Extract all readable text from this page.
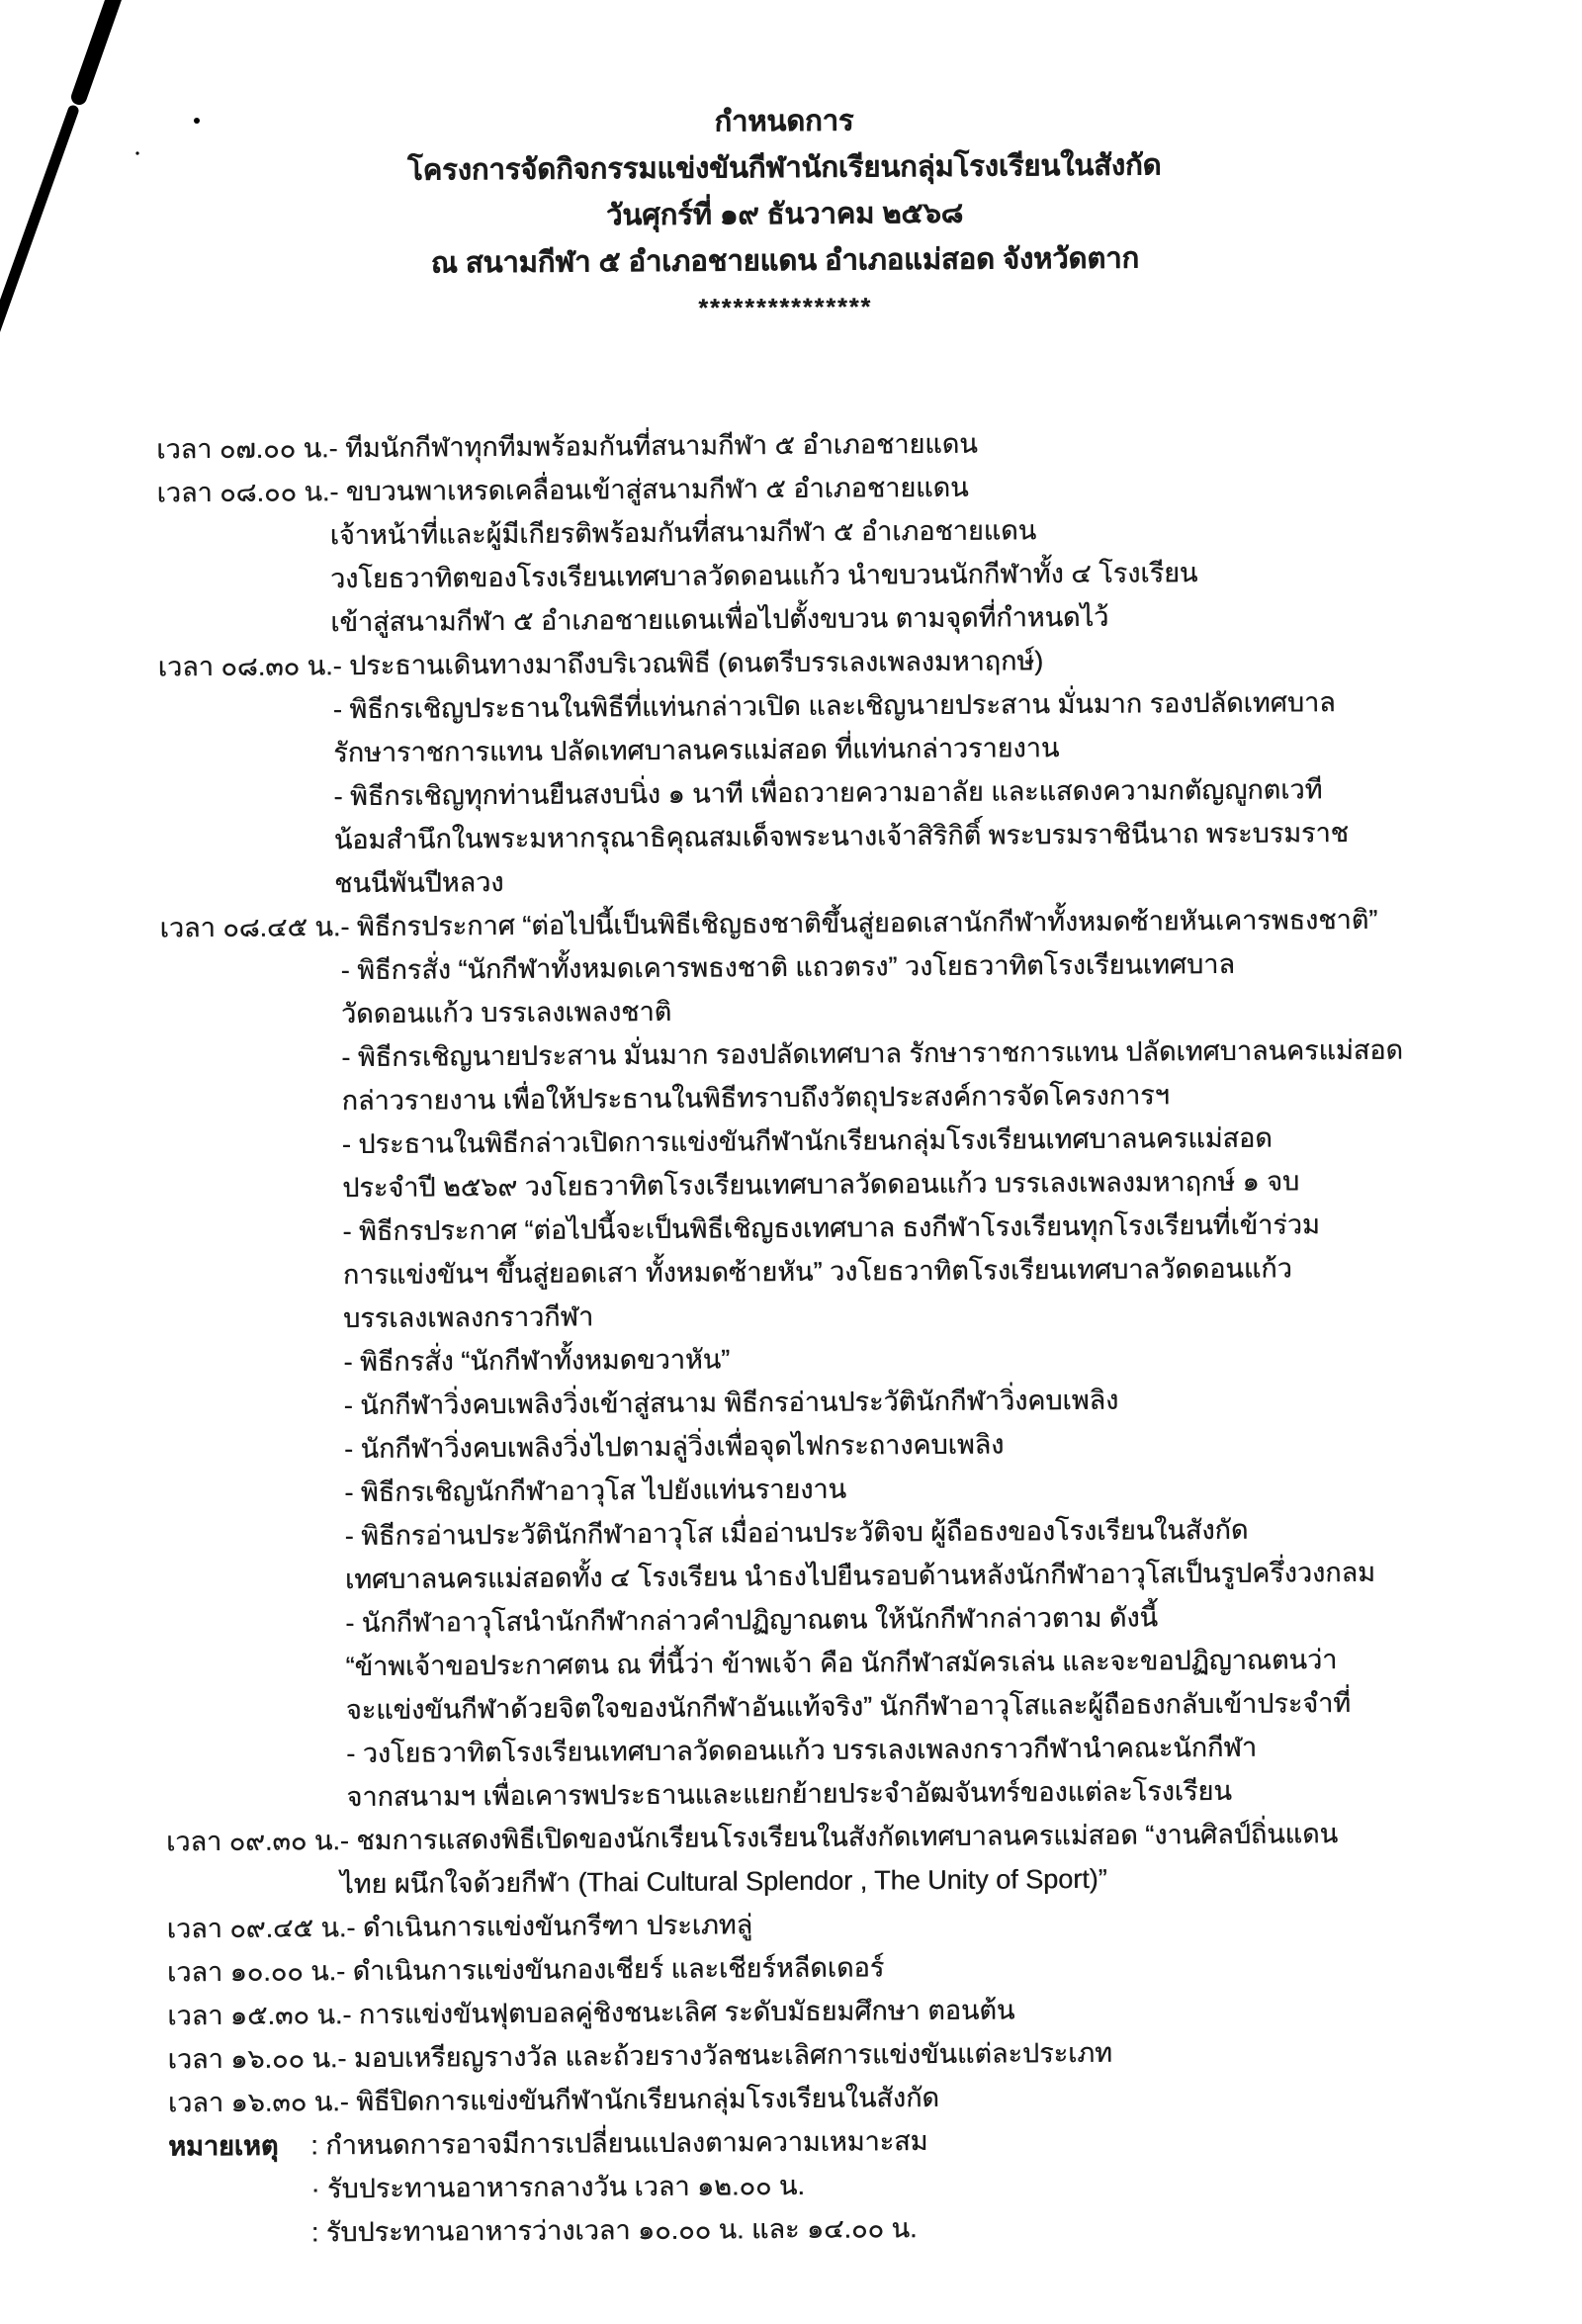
กำหนดการ
โครงการจัดกิจกรรมแข่งขันกีฬานักเรียนกลุ่มโรงเรียนในสังกัด
วันศุกร์ที่ ๑๙ ธันวาคม ๒๕๖๘
ณ สนามกีฬา ๕ อำเภอชายแดน อำเภอแม่สอด จังหวัดตาก
***************
เวลา ๐๗.๐๐ น. - ทีมนักกีฬาทุกทีมพร้อมกันที่สนามกีฬา ๕ อำเภอชายแดน
เวลา ๐๘.๐๐ น. - ขบวนพาเหรดเคลื่อนเข้าสู่สนามกีฬา ๕ อำเภอชายแดน
เจ้าหน้าที่และผู้มีเกียรติพร้อมกันที่สนามกีฬา ๕ อำเภอชายแดน
วงโยธวาทิตของโรงเรียนเทศบาลวัดดอนแก้ว นำขบวนนักกีฬาทั้ง ๔ โรงเรียน
เข้าสู่สนามกีฬา ๕ อำเภอชายแดนเพื่อไปตั้งขบวน ตามจุดที่กำหนดไว้
เวลา ๐๘.๓๐ น. - ประธานเดินทางมาถึงบริเวณพิธี (ดนตรีบรรเลงเพลงมหาฤกษ์)
- พิธีกรเชิญประธานในพิธีที่แท่นกล่าวเปิด และเชิญนายประสาน มั่นมาก รองปลัดเทศบาล
รักษาราชการแทน ปลัดเทศบาลนครแม่สอด ที่แท่นกล่าวรายงาน
- พิธีกรเชิญทุกท่านยืนสงบนิ่ง ๑ นาที เพื่อถวายความอาลัย และแสดงความกตัญญูกตเวที
น้อมสำนึกในพระมหากรุณาธิคุณสมเด็จพระนางเจ้าสิริกิติ์ พระบรมราชินีนาถ พระบรมราช
ชนนีพันปีหลวง
เวลา ๐๘.๔๕ น. - พิธีกรประกาศ “ต่อไปนี้เป็นพิธีเชิญธงชาติขึ้นสู่ยอดเสานักกีฬาทั้งหมดซ้ายหันเคารพธงชาติ”
- พิธีกรสั่ง “นักกีฬาทั้งหมดเคารพธงชาติ แถวตรง” วงโยธวาทิตโรงเรียนเทศบาล
วัดดอนแก้ว บรรเลงเพลงชาติ
- พิธีกรเชิญนายประสาน มั่นมาก รองปลัดเทศบาล รักษาราชการแทน ปลัดเทศบาลนครแม่สอด
กล่าวรายงาน เพื่อให้ประธานในพิธีทราบถึงวัตถุประสงค์การจัดโครงการฯ
- ประธานในพิธีกล่าวเปิดการแข่งขันกีฬานักเรียนกลุ่มโรงเรียนเทศบาลนครแม่สอด
ประจำปี ๒๕๖๙ วงโยธวาทิตโรงเรียนเทศบาลวัดดอนแก้ว บรรเลงเพลงมหาฤกษ์ ๑ จบ
- พิธีกรประกาศ “ต่อไปนี้จะเป็นพิธีเชิญธงเทศบาล ธงกีฬาโรงเรียนทุกโรงเรียนที่เข้าร่วม
การแข่งขันฯ ขึ้นสู่ยอดเสา ทั้งหมดซ้ายหัน” วงโยธวาทิตโรงเรียนเทศบาลวัดดอนแก้ว
บรรเลงเพลงกราวกีฬา
- พิธีกรสั่ง “นักกีฬาทั้งหมดขวาหัน”
- นักกีฬาวิ่งคบเพลิงวิ่งเข้าสู่สนาม พิธีกรอ่านประวัตินักกีฬาวิ่งคบเพลิง
- นักกีฬาวิ่งคบเพลิงวิ่งไปตามลู่วิ่งเพื่อจุดไฟกระถางคบเพลิง
- พิธีกรเชิญนักกีฬาอาวุโส ไปยังแท่นรายงาน
- พิธีกรอ่านประวัตินักกีฬาอาวุโส เมื่ออ่านประวัติจบ ผู้ถือธงของโรงเรียนในสังกัด
เทศบาลนครแม่สอดทั้ง ๔ โรงเรียน นำธงไปยืนรอบด้านหลังนักกีฬาอาวุโสเป็นรูปครึ่งวงกลม
- นักกีฬาอาวุโสนำนักกีฬากล่าวคำปฏิญาณตน ให้นักกีฬากล่าวตาม ดังนี้
“ข้าพเจ้าขอประกาศตน ณ ที่นี้ว่า ข้าพเจ้า คือ นักกีฬาสมัครเล่น และจะขอปฏิญาณตนว่า
จะแข่งขันกีฬาด้วยจิตใจของนักกีฬาอันแท้จริง” นักกีฬาอาวุโสและผู้ถือธงกลับเข้าประจำที่
- วงโยธวาทิตโรงเรียนเทศบาลวัดดอนแก้ว บรรเลงเพลงกราวกีฬานำคณะนักกีฬา
จากสนามฯ เพื่อเคารพประธานและแยกย้ายประจำอัฒจันทร์ของแต่ละโรงเรียน
เวลา ๐๙.๓๐ น. - ชมการแสดงพิธีเปิดของนักเรียนโรงเรียนในสังกัดเทศบาลนครแม่สอด “งานศิลป์ถิ่นแดน
ไทย ผนึกใจด้วยกีฬา (Thai Cultural Splendor , The Unity of Sport)”
เวลา ๐๙.๔๕ น. - ดำเนินการแข่งขันกรีฑา ประเภทลู่
เวลา ๑๐.๐๐ น. - ดำเนินการแข่งขันกองเชียร์ และเชียร์หลีดเดอร์
เวลา ๑๕.๓๐ น. - การแข่งขันฟุตบอลคู่ชิงชนะเลิศ ระดับมัธยมศึกษา ตอนต้น
เวลา ๑๖.๐๐ น. - มอบเหรียญรางวัล และถ้วยรางวัลชนะเลิศการแข่งขันแต่ละประเภท
เวลา ๑๖.๓๐ น. - พิธีปิดการแข่งขันกีฬานักเรียนกลุ่มโรงเรียนในสังกัด
หมายเหตุ	: กำหนดการอาจมีการเปลี่ยนแปลงตามความเหมาะสม
· รับประทานอาหารกลางวัน เวลา ๑๒.๐๐ น.
: รับประทานอาหารว่างเวลา ๑๐.๐๐ น. และ ๑๔.๐๐ น.
